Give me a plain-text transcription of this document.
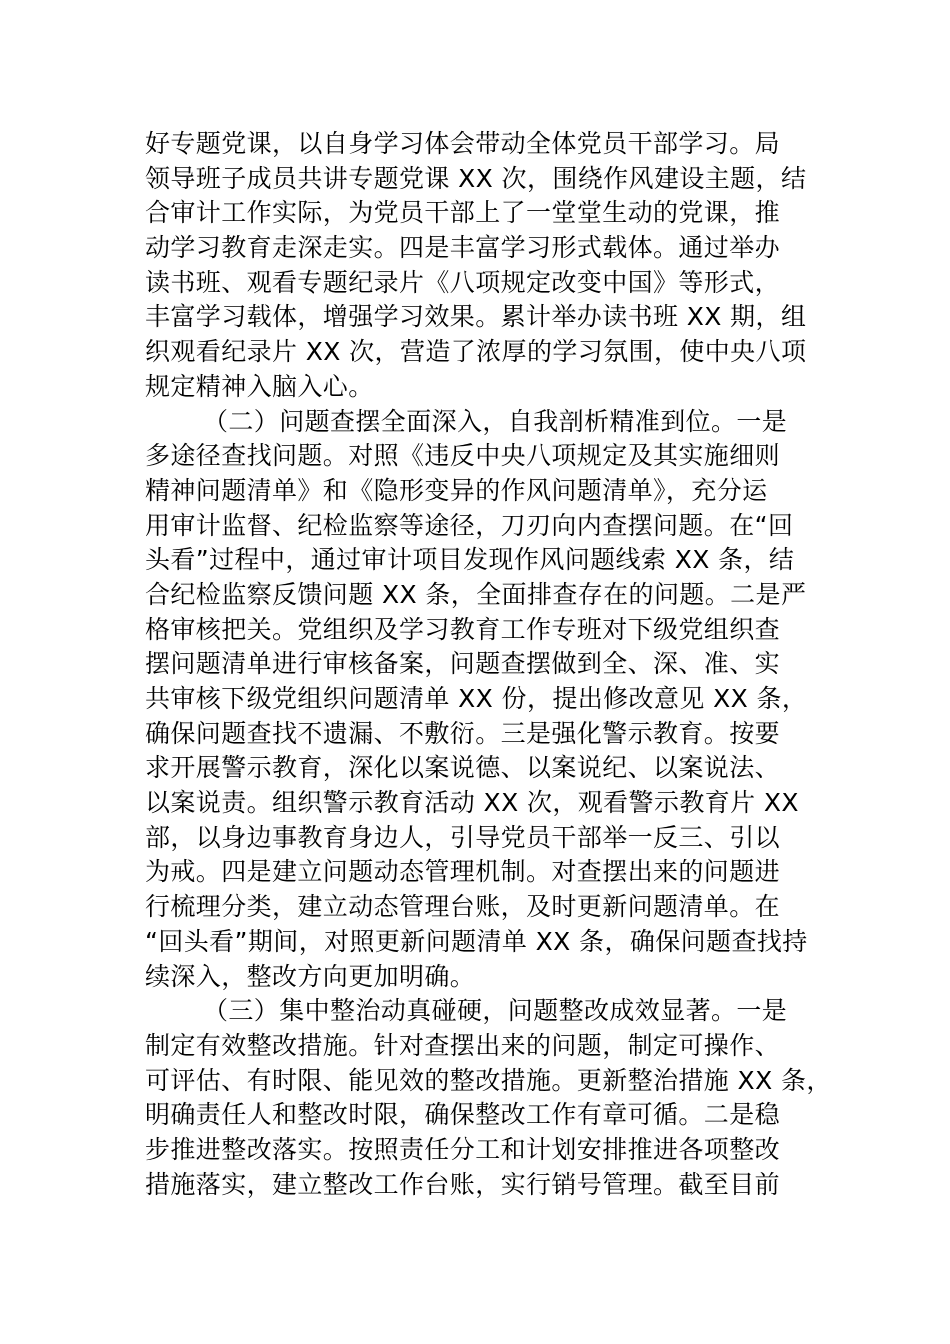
好专题党课，以自身学习体会带动全体党员干部学习。局
领导班子成员共讲专题党课 XX 次，围绕作风建设主题，结
合审计工作实际，为党员干部上了一堂堂生动的党课，推
动学习教育走深走实。四是丰富学习形式载体。通过举办
读书班、观看专题纪录片《八项规定改变中国》等形式，
丰富学习载体，增强学习效果。累计举办读书班 XX 期，组
织观看纪录片 XX 次，营造了浓厚的学习氛围，使中央八项
规定精神入脑入心。
（二）问题查摆全面深入，自我剖析精准到位。一是
多途径查找问题。对照《违反中央八项规定及其实施细则
精神问题清单》和《隐形变异的作风问题清单》，充分运
用审计监督、纪检监察等途径，刀刃向内查摆问题。在“回
头看”过程中，通过审计项目发现作风问题线索 XX 条，结
合纪检监察反馈问题 XX 条，全面排查存在的问题。二是严
格审核把关。党组织及学习教育工作专班对下级党组织查
摆问题清单进行审核备案，问题查摆做到全、深、准、实
共审核下级党组织问题清单 XX 份，提出修改意见 XX 条，
确保问题查找不遗漏、不敷衍。三是强化警示教育。按要
求开展警示教育，深化以案说德、以案说纪、以案说法、
以案说责。组织警示教育活动 XX 次，观看警示教育片 XX
部，以身边事教育身边人，引导党员干部举一反三、引以
为戒。四是建立问题动态管理机制。对查摆出来的问题进
行梳理分类，建立动态管理台账，及时更新问题清单。在
“回头看”期间，对照更新问题清单 XX 条，确保问题查找持
续深入，整改方向更加明确。
（三）集中整治动真碰硬，问题整改成效显著。一是
制定有效整改措施。针对查摆出来的问题，制定可操作、
可评估、有时限、能见效的整改措施。更新整治措施 XX 条，
明确责任人和整改时限，确保整改工作有章可循。二是稳
步推进整改落实。按照责任分工和计划安排推进各项整改
措施落实，建立整改工作台账，实行销号管理。截至目前
